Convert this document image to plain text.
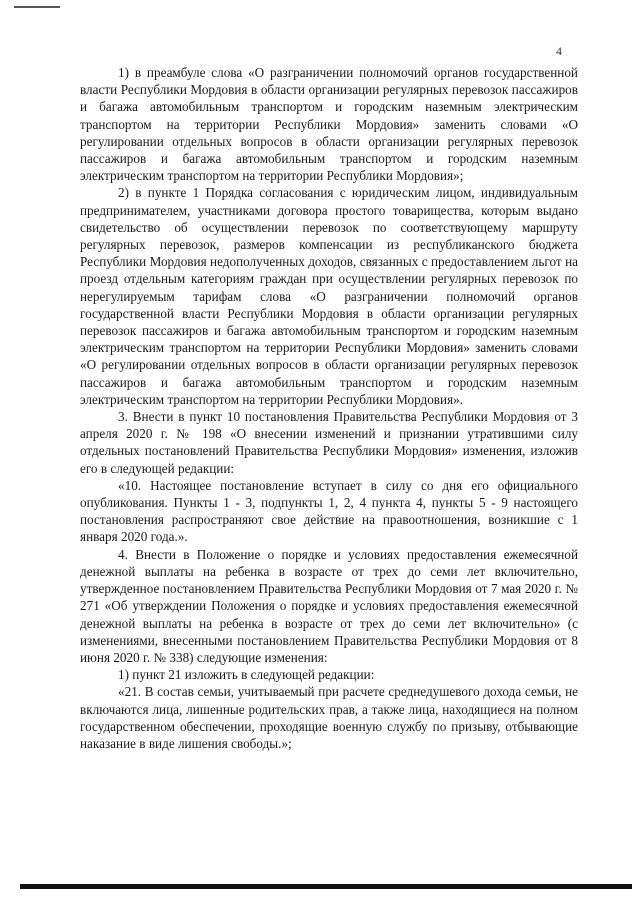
4

1) в преамбуле слова «О разграничении полномочий органов государственной власти Республики Мордовия в области организации регулярных перевозок пассажиров и багажа автомобильным транспортом и городским наземным электрическим транспортом на территории Республики Мордовия» заменить словами «О регулировании отдельных вопросов в области организации регулярных перевозок пассажиров и багажа автомобильным транспортом и городским наземным электрическим транспортом на территории Республики Мордовия»;

2) в пункте 1 Порядка согласования с юридическим лицом, индивидуальным предпринимателем, участниками договора простого товарищества, которым выдано свидетельство об осуществлении перевозок по соответствующему маршруту регулярных перевозок, размеров компенсации из республиканского бюджета Республики Мордовия недополученных доходов, связанных с предоставлением льгот на проезд отдельным категориям граждан при осуществлении регулярных перевозок по нерегулируемым тарифам слова «О разграничении полномочий органов государственной власти Республики Мордовия в области организации регулярных перевозок пассажиров и багажа автомобильным транспортом и городским наземным электрическим транспортом на территории Республики Мордовия» заменить словами «О регулировании отдельных вопросов в области организации регулярных перевозок пассажиров и багажа автомобильным транспортом и городским наземным электрическим транспортом на территории Республики Мордовия».

3. Внести в пункт 10 постановления Правительства Республики Мордовия от 3 апреля 2020 г. № 198 «О внесении изменений и признании утратившими силу отдельных постановлений Правительства Республики Мордовия» изменения, изложив его в следующей редакции:

«10. Настоящее постановление вступает в силу со дня его официального опубликования. Пункты 1 - 3, подпункты 1, 2, 4 пункта 4, пункты 5 - 9 настоящего постановления распространяют свое действие на правоотношения, возникшие с 1 января 2020 года.».

4. Внести в Положение о порядке и условиях предоставления ежемесячной денежной выплаты на ребенка в возрасте от трех до семи лет включительно, утвержденное постановлением Правительства Республики Мордовия от 7 мая 2020 г. № 271 «Об утверждении Положения о порядке и условиях предоставления ежемесячной денежной выплаты на ребенка в возрасте от трех до семи лет включительно» (с изменениями, внесенными постановлением Правительства Республики Мордовия от 8 июня 2020 г. № 338) следующие изменения:

1) пункт 21 изложить в следующей редакции:

«21. В состав семьи, учитываемый при расчете среднедушевого дохода семьи, не включаются лица, лишенные родительских прав, а также лица, находящиеся на полном государственном обеспечении, проходящие военную службу по призыву, отбывающие наказание в виде лишения свободы.»;
